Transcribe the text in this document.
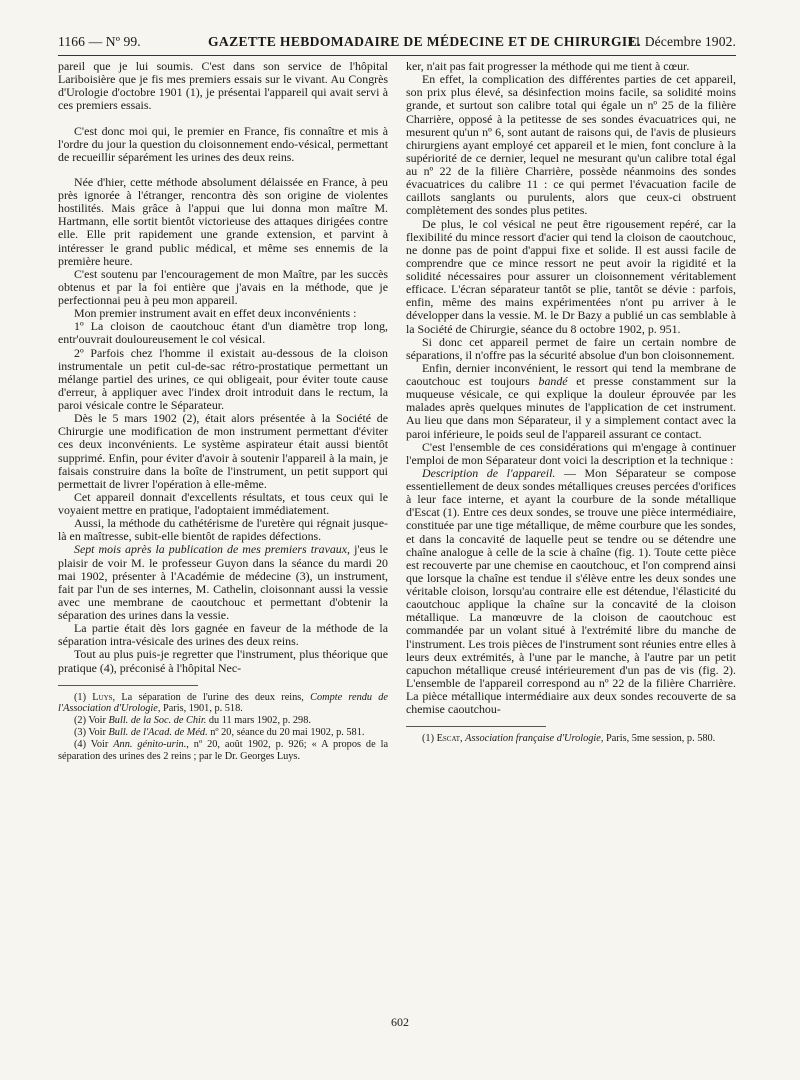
1166 — Nº 99.	GAZETTE HEBDOMADAIRE DE MÉDECINE ET DE CHIRURGIE.
11 Décembre 1902.

pareil que je lui soumis. C'est dans son service de l'hôpital Lariboisière que je fis mes premiers essais sur le vivant. Au Congrès d'Urologie d'octobre 1901 (1), je présentai l'appareil qui avait servi à ces premiers essais.

C'est donc moi qui, le premier en France, fis connaître et mis à l'ordre du jour la question du cloisonnement endo-vésical, permettant de recueillir séparément les urines des deux reins.

Née d'hier, cette méthode absolument délaissée en France, à peu près ignorée à l'étranger, rencontra dès son origine de violentes hostilités. Mais grâce à l'appui que lui donna mon maître M. Hartmann, elle sortit bientôt victorieuse des attaques dirigées contre elle. Elle prit rapidement une grande extension, et parvint à intéresser le grand public médical, et même ses ennemis de la première heure.

C'est soutenu par l'encouragement de mon Maître, par les succès obtenus et par la foi entière que j'avais en la méthode, que je perfectionnai peu à peu mon appareil.

Mon premier instrument avait en effet deux inconvénients :

1º La cloison de caoutchouc étant d'un diamètre trop long, entr'ouvrait douloureusement le col vésical.

2º Parfois chez l'homme il existait au-dessous de la cloison instrumentale un petit cul-de-sac rétro-prostatique permettant un mélange partiel des urines, ce qui obligeait, pour éviter toute cause d'erreur, à appliquer avec l'index droit introduit dans le rectum, la paroi vésicale contre le Séparateur.

Dès le 5 mars 1902 (2), était alors présentée à la Société de Chirurgie une modification de mon instrument permettant d'éviter ces deux inconvénients. Le système aspirateur était aussi bientôt supprimé. Enfin, pour éviter d'avoir à soutenir l'appareil à la main, je faisais construire dans la boîte de l'instrument, un petit support qui permettait de livrer l'opération à elle-même.

Cet appareil donnait d'excellents résultats, et tous ceux qui le voyaient mettre en pratique, l'adoptaient immédiatement.

Aussi, la méthode du cathétérisme de l'uretère qui régnait jusque-là en maîtresse, subit-elle bientôt de rapides défections.

Sept mois après la publication de mes premiers travaux, j'eus le plaisir de voir M. le professeur Guyon dans la séance du mardi 20 mai 1902, présenter à l'Académie de médecine (3), un instrument, fait par l'un de ses internes, M. Cathelin, cloisonnant aussi la vessie avec une membrane de caoutchouc et permettant d'obtenir la séparation des urines dans la vessie.

La partie était dès lors gagnée en faveur de la méthode de la séparation intra-vésicale des urines des deux reins.

Tout au plus puis-je regretter que l'instrument, plus théorique que pratique (4), préconisé à l'hôpital Nec-

(1) Luys, La séparation de l'urine des deux reins, Compte rendu de l'Association d'Urologie, Paris, 1901, p. 518.

(2) Voir Bull. de la Soc. de Chir. du 11 mars 1902, p. 298.

(3) Voir Bull. de l'Acad. de Méd. nº 20, séance du 20 mai 1902, p. 581.

(4) Voir Ann. génito-urin., nº 20, août 1902, p. 926; « A propos de la séparation des urines des 2 reins ; par le Dr. Georges Luys.

ker, n'ait pas fait progresser la méthode qui me tient à cœur.

En effet, la complication des différentes parties de cet appareil, son prix plus élevé, sa désinfection moins facile, sa solidité moins grande, et surtout son calibre total qui égale un nº 25 de la filière Charrière, opposé à la petitesse de ses sondes évacuatrices qui, ne mesurent qu'un nº 6, sont autant de raisons qui, de l'avis de plusieurs chirurgiens ayant employé cet appareil et le mien, font conclure à la supériorité de ce dernier, lequel ne mesurant qu'un calibre total égal au nº 22 de la filière Charrière, possède néanmoins des sondes évacuatrices du calibre 11 : ce qui permet l'évacuation facile de caillots sanglants ou purulents, alors que ceux-ci obstruent complètement des sondes plus petites.

De plus, le col vésical ne peut être rigousement repéré, car la flexibilité du mince ressort d'acier qui tend la cloison de caoutchouc, ne donne pas de point d'appui fixe et solide. Il est aussi facile de comprendre que ce mince ressort ne peut avoir la rigidité et la solidité nécessaires pour assurer un cloisonnement véritablement efficace. L'écran séparateur tantôt se plie, tantôt se dévie : parfois, enfin, même des mains expérimentées n'ont pu arriver à le développer dans la vessie. M. le Dr Bazy a publié un cas semblable à la Société de Chirurgie, séance du 8 octobre 1902, p. 951.

Si donc cet appareil permet de faire un certain nombre de séparations, il n'offre pas la sécurité absolue d'un bon cloisonnement.

Enfin, dernier inconvénient, le ressort qui tend la membrane de caoutchouc est toujours bandé et presse constamment sur la muqueuse vésicale, ce qui explique la douleur éprouvée par les malades après quelques minutes de l'application de cet instrument. Au lieu que dans mon Séparateur, il y a simplement contact avec la paroi inférieure, le poids seul de l'appareil assurant ce contact.

C'est l'ensemble de ces considérations qui m'engage à continuer l'emploi de mon Séparateur dont voici la description et la technique :

Description de l'appareil. — Mon Séparateur se compose essentiellement de deux sondes métalliques creuses percées d'orifices à leur face interne, et ayant la courbure de la sonde métallique d'Escat (1). Entre ces deux sondes, se trouve une pièce intermédiaire, constituée par une tige métallique, de même courbure que les sondes, et dans la concavité de laquelle peut se tendre ou se détendre une chaîne analogue à celle de la scie à chaîne (fig. 1). Toute cette pièce est recouverte par une chemise en caoutchouc, et l'on comprend ainsi que lorsque la chaîne est tendue il s'élève entre les deux sondes une véritable cloison, lorsqu'au contraire elle est détendue, l'élasticité du caoutchouc applique la chaîne sur la concavité de la cloison métallique. La manœuvre de la cloison de caoutchouc est commandée par un volant situé à l'extrémité libre du manche de l'instrument. Les trois pièces de l'instrument sont réunies entre elles à leurs deux extrémités, à l'une par le manche, à l'autre par un petit capuchon métallique creusé intérieurement d'un pas de vis (fig. 2). L'ensemble de l'appareil correspond au nº 22 de la filière Charrière. La pièce métallique intermédiaire aux deux sondes recouverte de sa chemise caoutchou-

(1) Escat, Association française d'Urologie, Paris, 5me session, p. 580.

602
